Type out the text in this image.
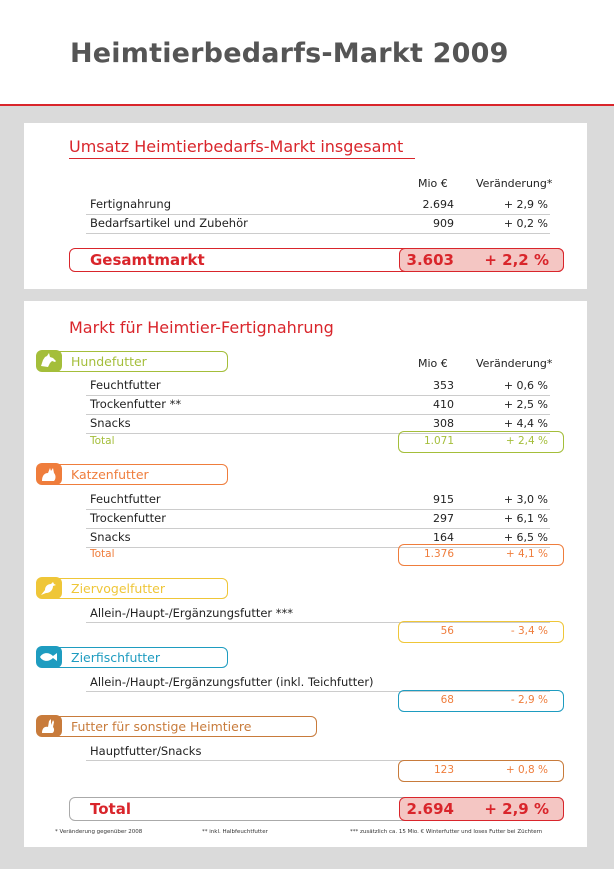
Heimtierbedarfs-Markt 2009
Umsatz Heimtierbedarfs-Markt insgesamt
Mio €	Veränderung*
Fertignahrung	2.694	+ 2,9 %
Bedarfsartikel und Zubehör	909	+ 0,2 %
Gesamtmarkt	3.603	+ 2,2 %
Markt für Heimtier-Fertignahrung
Hundefutter	Mio €	Veränderung*
Feuchtfutter	353	+ 0,6 %
Trockenfutter **	410	+ 2,5 %
Snacks	308	+ 4,4 %
Total	1.071	+ 2,4 %
Katzenfutter
Feuchtfutter	915	+ 3,0 %
Trockenfutter	297	+ 6,1 %
Snacks	164	+ 6,5 %
Total	1.376	+ 4,1 %
Ziervogelfutter
Allein-/Haupt-/Ergänzungsfutter ***
56	- 3,4 %
Zierfischfutter
Allein-/Haupt-/Ergänzungsfutter (inkl. Teichfutter)
68	- 2,9 %
Futter für sonstige Heimtiere
Hauptfutter/Snacks
123	+ 0,8 %
Total	2.694	+ 2,9 %
* Veränderung gegenüber 2008	** inkl. Halbfeuchtfutter	*** zusätzlich ca. 15 Mio. € Winterfutter und loses Futter bei Züchtern
